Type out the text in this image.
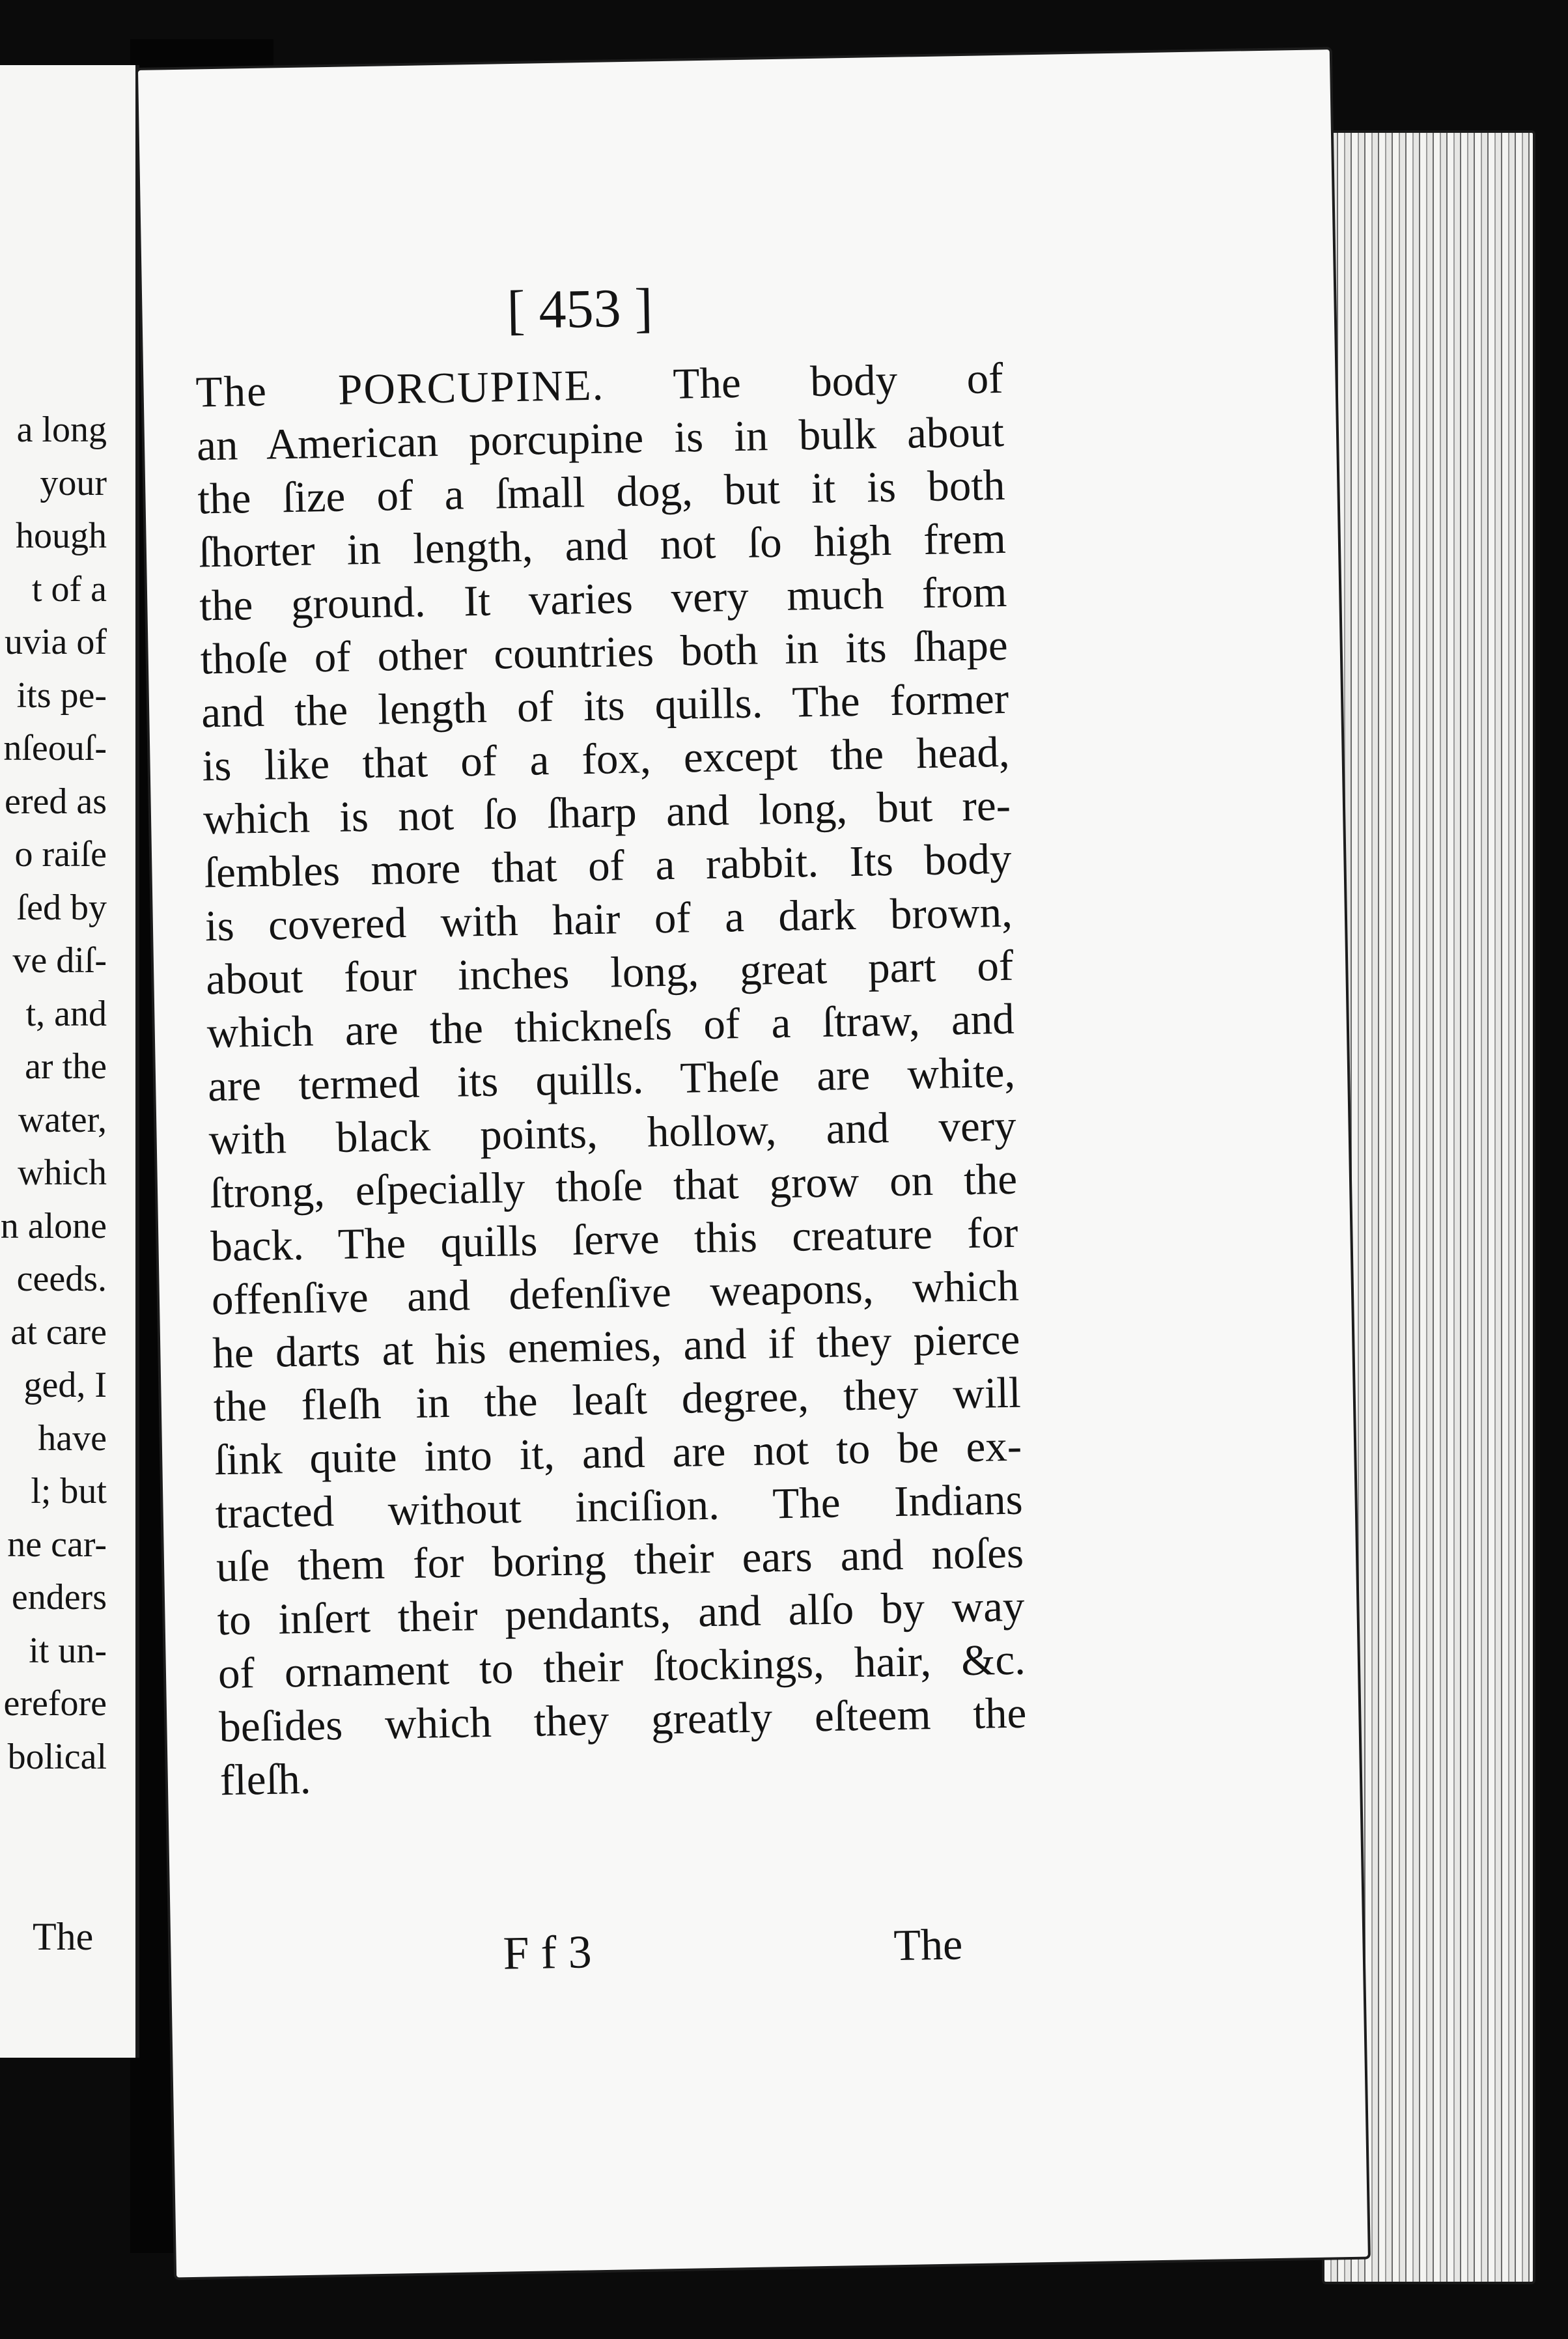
a long
your
hough
t of a
uvia of
its pe-
nſeouſ-
ered as
o raiſe
ſed by
ve diſ-
t, and
ar the
water,
which
n alone
ceeds.
at care
ged, I
have
l; but
ne car-
enders
it un-
erefore
bolical
The
[ 453 ]
The PORCUPINE. The body of
an American porcupine is in bulk about
the ſize of a ſmall dog, but it is both
ſhorter in length, and not ſo high frem
the ground. It varies very much from
thoſe of other countries both in its ſhape
and the length of its quills. The former
is like that of a fox, except the head,
which is not ſo ſharp and long, but re-
ſembles more that of a rabbit. Its body
is covered with hair of a dark brown,
about four inches long, great part of
which are the thickneſs of a ſtraw, and
are termed its quills. Theſe are white,
with black points, hollow, and very
ſtrong, eſpecially thoſe that grow on the
back. The quills ſerve this creature for
offenſive and defenſive weapons, which
he darts at his enemies, and if they pierce
the fleſh in the leaſt degree, they will
ſink quite into it, and are not to be ex-
tracted without inciſion. The Indians
uſe them for boring their ears and noſes
to inſert their pendants, and alſo by way
of ornament to their ſtockings, hair, &c.
beſides which they greatly eſteem the
fleſh.
F f 3	The
